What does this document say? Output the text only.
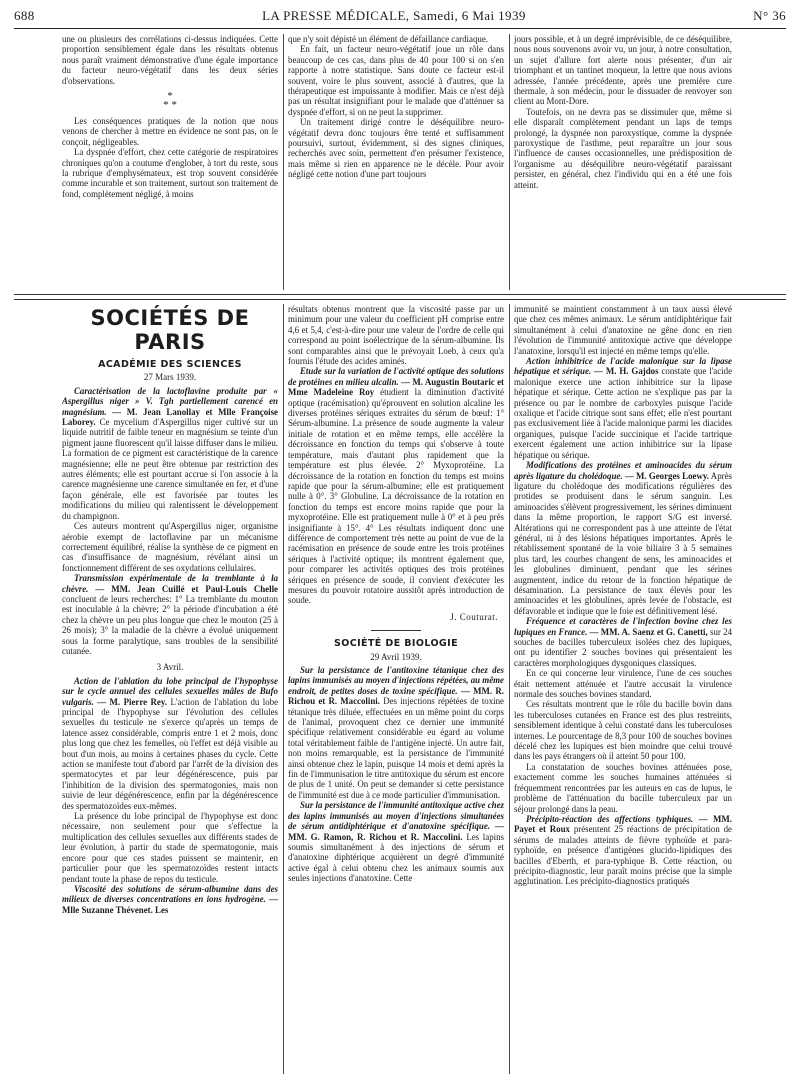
688	LA PRESSE MÉDICALE, Samedi, 6 Mai 1939	N° 36

une ou plusieurs des corrélations ci-dessus indiquées. Cette proportion sensiblement égale dans les résultats obtenus nous paraît vraiment démonstrative d'une égale importance du facteur neuro-végétatif dans les deux séries d'observations.

*
* *

Les conséquences pratiques de la notion que nous venons de chercher à mettre en évidence ne sont pas, on le conçoit, négligeables.

La dyspnée d'effort, chez cette catégorie de respiratoires chroniques qu'on a coutume d'englober, à tort du reste, sous la rubrique d'emphysémateux, est trop souvent considérée comme incurable et son traitement, surtout son traitement de fond, complètement négligé, à moins

que n'y soit dépisté un élément de défaillance cardiaque.

En fait, un facteur neuro-végétatif joue un rôle dans beaucoup de ces cas, dans plus de 40 pour 100 si on s'en rapporte à notre statistique. Sans doute ce facteur est-il souvent, voire le plus souvent, associé à d'autres, que la thérapeutique est impuissante à modifier. Mais ce n'est déjà pas un résultat insignifiant pour le malade que d'atténuer sa dyspnée d'effort, si on ne peut la supprimer.

Un traitement dirigé contre le déséquilibre neuro-végétatif devra donc toujours être tenté et suffisamment poursuivi, surtout, évidemment, si des signes cliniques, recherchés avec soin, permettent d'en présumer l'existence, mais même si rien en apparence ne le décèle. Pour avoir négligé cette notion d'une part toujours

jours possible, et à un degré imprévisible, de ce déséquilibre, nous nous souvenons avoir vu, un jour, à notre consultation, un sujet d'allure fort alerte nous présenter, d'un air triomphant et un tantinet moqueur, la lettre que nous avions adressée, l'année précédente, après une première cure thermale, à son médecin, pour le dissuader de renvoyer son client au Mont-Dore.

Toutefois, on ne devra pas se dissimuler que, même si elle disparaît complètement pendant un laps de temps prolongé, la dyspnée non paroxystique, comme la dyspnée paroxystique de l'asthme, peut reparaître un jour sous l'influence de causes occasionnelles, une prédisposition de l'organisme au déséquilibre neuro-végétatif paraissant persister, en général, chez l'individu qui en a été une fois atteint.

SOCIÉTÉS DE PARIS
ACADÉMIE DES SCIENCES
27 Mars 1939.

Caractérisation de la lactoflavine produite par « Aspergillus niger » V. Tgh partiellement carencé en magnésium. — M. Jean Lanollay et Mlle Françoise Laborey. Ce mycelium d'Aspergillus niger cultivé sur un liquide nutritif de faible teneur en magnésium se teinte d'un pigment jaune fluorescent qu'il laisse diffuser dans le milieu. La formation de ce pigment est caractéristique de la carence magnésienne; elle ne peut être obtenue par restriction des autres éléments; elle est pourtant accrue si l'on associe à la carence magnésienne une carence simultanée en fer, et d'une façon générale, elle est favorisée par toutes les modifications du milieu qui ralentissent le développement du champignon.

Ces auteurs montrent qu'Aspergillus niger, organisme aérobie exempt de lactoflavine par un mécanisme correctement équilibré, réalise la synthèse de ce pigment en cas d'insuffisance de magnésium, révélant ainsi un fonctionnement différent de ses oxydations cellulaires.

Transmission expérimentale de la tremblante à la chèvre. — MM. Jean Cuillé et Paul-Louis Chelle concluent de leurs recherches: 1° La tremblante du mouton est inoculable à la chèvre; 2° la période d'incubation a été chez la chèvre un peu plus longue que chez le mouton (25 à 26 mois); 3° la maladie de la chèvre a évolué uniquement sous la forme paralytique, sans troubles de la sensibilité cutanée.

3 Avril.

Action de l'ablation du lobe principal de l'hypophyse sur le cycle annuel des cellules sexuelles mâles de Bufo vulgaris. — M. Pierre Rey. L'action de l'ablation du lobe principal de l'hypophyse sur l'évolution des cellules sexuelles du testicule ne s'exerce qu'après un temps de latence assez considérable, compris entre 1 et 2 mois, donc plus long que chez les femelles, où l'effet est déjà visible au bout d'un mois, au moins à certaines phases du cycle. Cette action se manifeste tout d'abord par l'arrêt de la division des spermatocytes et par leur dégénérescence, puis par l'inhibition de la division des spermatogonies, mais non suivie de leur dégénérescence, enfin par la dégénérescence des spermatozoïdes eux-mêmes.

La présence du lobe principal de l'hypophyse est donc nécessaire, non seulement pour que s'effectue la multiplication des cellules sexuelles aux différents stades de leur évolution, à partir du stade de spermatogonie, mais encore pour que ces stades puissent se maintenir, en particulier pour que les spermatozoïdes restent intacts pendant toute la phase de repos du testicule.

Viscosité des solutions de sérum-albumine dans des milieux de diverses concentrations en ions hydrogène. — Mlle Suzanne Thévenet. Les

résultats obtenus montrent que la viscosité passe par un minimum pour une valeur du coefficient pH comprise entre 4,6 et 5,4, c'est-à-dire pour une valeur de l'ordre de celle qui correspond au point isoélectrique de la sérum-albumine. Ils sont comparables ainsi que le prévoyait Loeb, à ceux qu'a fournis l'étude des acides aminés.

Etude sur la variation de l'activité optique des solutions de protéines en milieu alcalin. — M. Augustin Boutaric et Mme Madeleine Roy étudient la diminution d'activité optique (racémisation) qu'éprouvent en solution alcaline les diverses protéines sériques extraites du sérum de bœuf: 1° Sérum-albumine. La présence de soude augmente la valeur initiale de rotation et en même temps, elle accélère la décroissance en fonction du temps qui s'observe à toute température, mais d'autant plus rapidement que la température est plus élevée. 2° Myxoprotéine. La décroissance de la rotation en fonction du temps est moins rapide que pour la sérum-albumine; elle est pratiquement nulle à 0°. 3° Globuline. La décroissance de la rotation en fonction du temps est encore moins rapide que pour la myxoprotéine. Elle est pratiquement nulle à 0° et à peu près insignifiante à 15°. 4° Les résultats indiquent donc une différence de comportement très nette au point de vue de la racémisation en présence de soude entre les trois protéines sériques à l'activité optique; ils montrent également que, pour comparer les activités optiques des trois protéines sériques en présence de soude, il convient d'exécuter les mesures du pouvoir rotatoire aussitôt après introduction de soude.

J. Couturat.
SOCIÉTÉ DE BIOLOGIE
29 Avril 1939.

Sur la persistance de l'antitoxine tétanique chez des lapins immunisés au moyen d'injections répétées, au même endroit, de petites doses de toxine spécifique. — MM. R. Richou et R. Maccolini. Des injections répétées de toxine tétanique très diluée, effectuées en un même point du corps de l'animal, provoquent chez ce dernier une immunité spécifique relativement considérable eu égard au volume total véritablement faible de l'antigène injecté. Un autre fait, non moins remarquable, est la persistance de l'immunité ainsi obtenue chez le lapin, puisque 14 mois et demi après la fin de l'immunisation le titre antitoxique du sérum est encore de plus de 1 unité. On peut se demander si cette persistance de l'immunité est due à ce mode particulier d'immunisation.

Sur la persistance de l'immunité antitoxique active chez des lapins immunisés au moyen d'injections simultanées de sérum antidiphtérique et d'anatoxine spécifique. — MM. G. Ramon, R. Richou et R. Maccolini. Les lapins soumis simultanément à des injections de sérum et d'anatoxine diphtérique acquièrent un degré d'immunité active égal à celui obtenu chez les animaux soumis aux seules injections d'anatoxine. Cette

immunité se maintient constamment à un taux aussi élevé que chez ces mêmes animaux. Le sérum antidiphtérique fait simultanément à celui d'anatoxine ne gêne donc en rien l'évolution de l'immunité antitoxique active que développe l'anatoxine, lorsqu'il est injecté en même temps qu'elle.

Action inhibitrice de l'acide malonique sur la lipase hépatique et sérique. — M. H. Gajdos constate que l'acide malonique exerce une action inhibitrice sur la lipase hépatique et sérique. Cette action ne s'explique pas par la présence ou par le nombre de carboxyles puisque l'acide oxalique et l'acide citrique sont sans effet; elle n'est pourtant pas exclusivement liée à l'acide malonique parmi les diacides organiques, puisque l'acide succinique et l'acide tartrique exercent également une action inhibitrice sur la lipase hépatique ou sérique.

Modifications des protéines et aminoacides du sérum après ligature du cholédoque. — M. Georges Loewy. Après ligature du cholédoque des modifications régulières des protides se produisent dans le sérum sanguin. Les aminoacides s'élèvent progressivement, les sérines diminuent dans la même proportion, le rapport S/G est inversé. Altérations qui ne correspondent pas à une atteinte de l'état général, ni à des lésions hépatiques importantes. Après le rétablissement spontané de la voie biliaire 3 à 5 semaines plus tard, les courbes changent de sens, les aminoacides et les globulines diminuent, pendant que les sérines augmentent, indice du retour de la fonction hépatique de désamination. La persistance de taux élevés pour les aminoacides et les globulines, après levée de l'obstacle, est défavorable et indique que le foie est définitivement lésé.

Fréquence et caractères de l'infection bovine chez les lupiques en France. — MM. A. Saenz et G. Canetti, sur 24 souches de bacilles tuberculeux isolées chez des lupiques, ont pu identifier 2 souches bovines qui présentaient les caractères morphologiques dysgoniques classiques.

En ce qui concerne leur virulence, l'une de ces souches était nettement atténuée et l'autre accusait la virulence normale des souches bovines standard.

Ces résultats montrent que le rôle du bacille bovin dans les tuberculoses cutanées en France est des plus restreints, sensiblement identique à celui constaté dans les tuberculoses internes. Le pourcentage de 8,3 pour 100 de souches bovines décelé chez les lupiques est bien moindre que celui trouvé dans les pays étrangers où il atteint 50 pour 100.

La constatation de souches bovines atténuées pose, exactement comme les souches humaines atténuées si fréquemment rencontrées par les auteurs en cas de lupus, le problème de l'atténuation du bacille tuberculeux par un séjour prolongé dans la peau.

Précipito-réaction des affections typhiques. — MM. Payet et Roux présentent 25 réactions de précipitation de sérums de malades atteints de fièvre typhoïde et para-typhoïde, en présence d'antigènes glucido-lipidiques des bacilles d'Eberth, et para-typhique B. Cette réaction, ou précipito-diagnostic, leur paraît moins précise que la simple agglutination. Les précipito-diagnostics pratiqués
